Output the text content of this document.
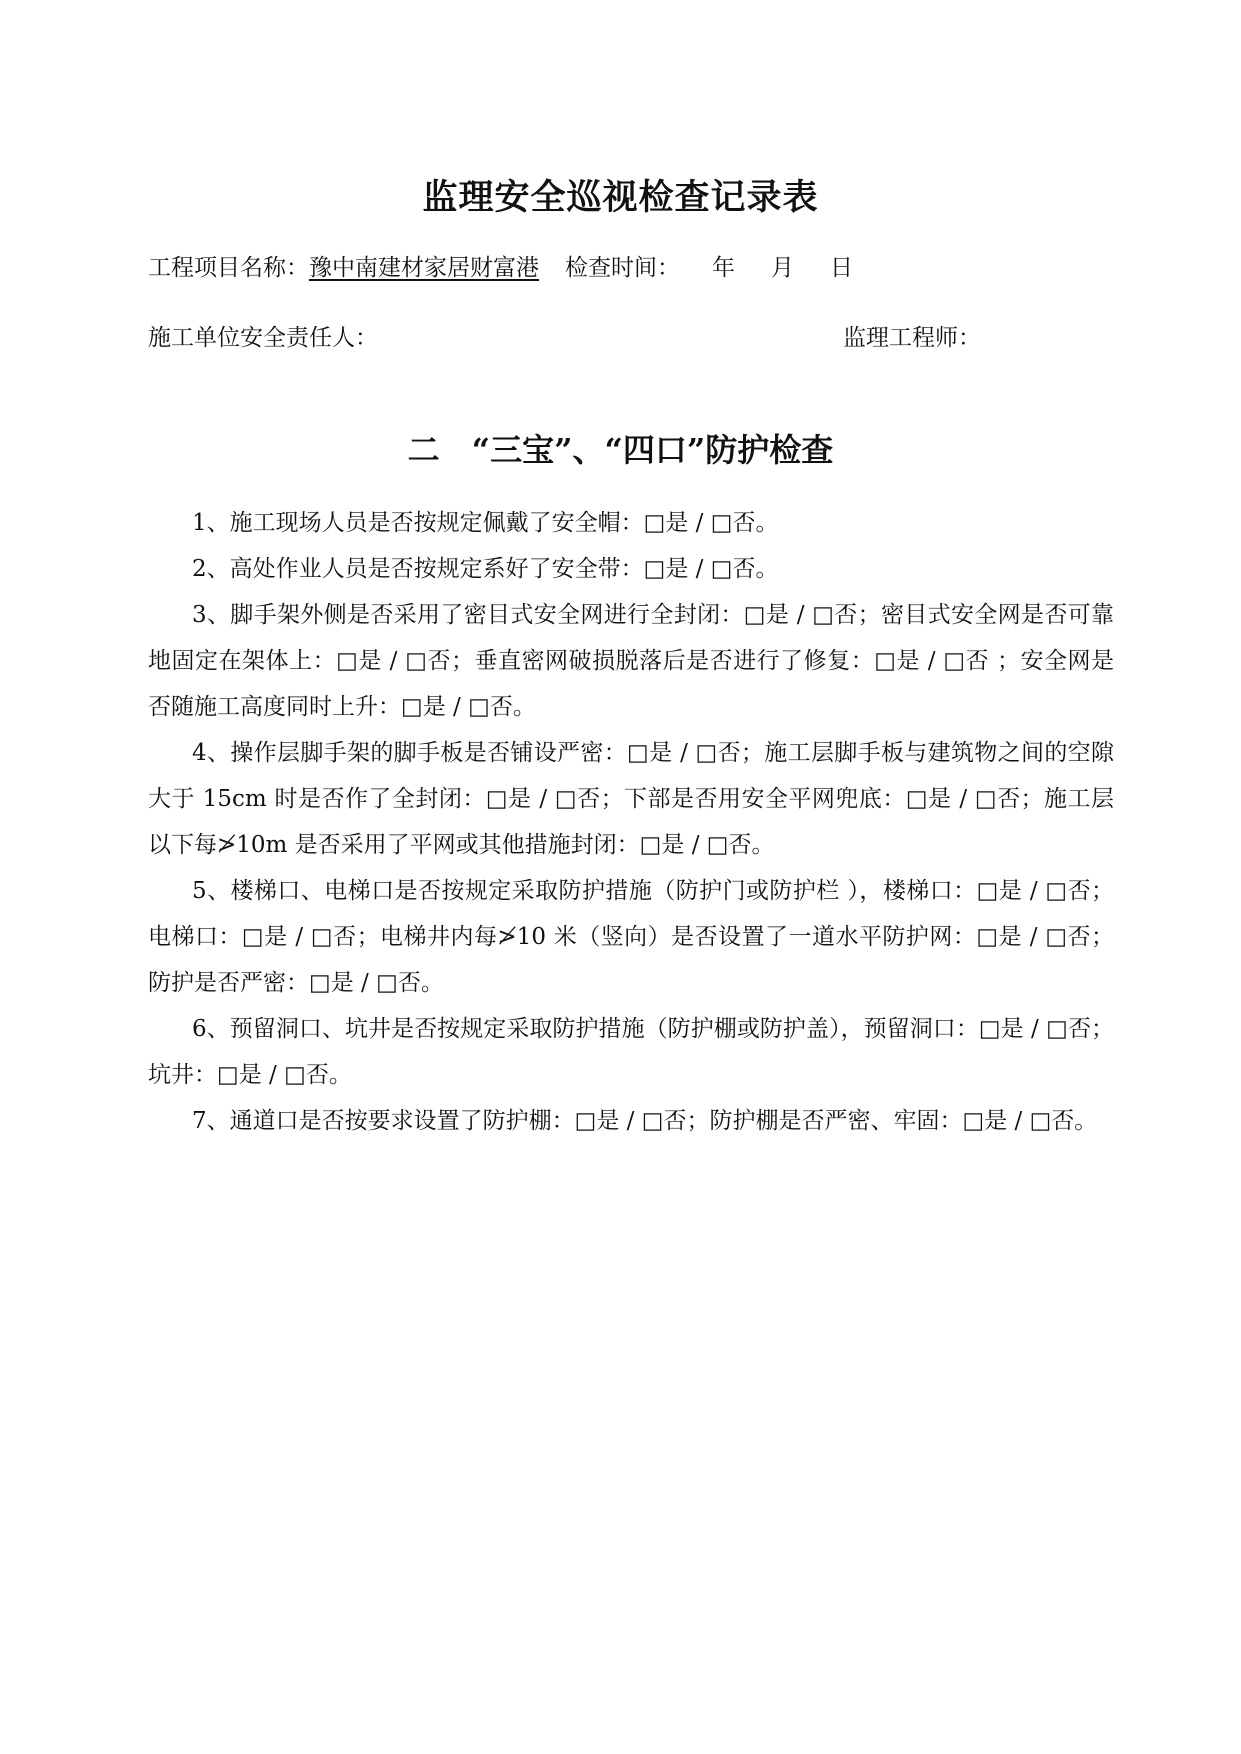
监理安全巡视检查记录表
工程项目名称：豫中南建材家居财富港 检查时间： 年 月 日
施工单位安全责任人：	监理工程师：
二　“三宝”、“四口”防护检查

1、施工现场人员是否按规定佩戴了安全帽：□是 / □否。

2、高处作业人员是否按规定系好了安全带：□是 / □否。

3、脚手架外侧是否采用了密目式安全网进行全封闭：□是 / □否；密目式安全网是否可靠地固定在架体上：□是 / □否；垂直密网破损脱落后是否进行了修复：□是 / □否 ；安全网是否随施工高度同时上升：□是 / □否。

4、操作层脚手架的脚手板是否铺设严密：□是 / □否；施工层脚手板与建筑物之间的空隙大于 15cm 时是否作了全封闭：□是 / □否；下部是否用安全平网兜底：□是 / □否；施工层以下每≯10m 是否采用了平网或其他措施封闭：□是 / □否。

5、楼梯口、电梯口是否按规定采取防护措施（防护门或防护栏 ），楼梯口：□是 / □否；电梯口：□是 / □否；电梯井内每≯10 米（竖向）是否设置了一道水平防护网：□是 / □否；防护是否严密：□是 / □否。

6、预留洞口、坑井是否按规定采取防护措施（防护棚或防护盖），预留洞口：□是 / □否；坑井：□是 / □否。

7、通道口是否按要求设置了防护棚：□是 / □否；防护棚是否严密、牢固：□是 / □否。
